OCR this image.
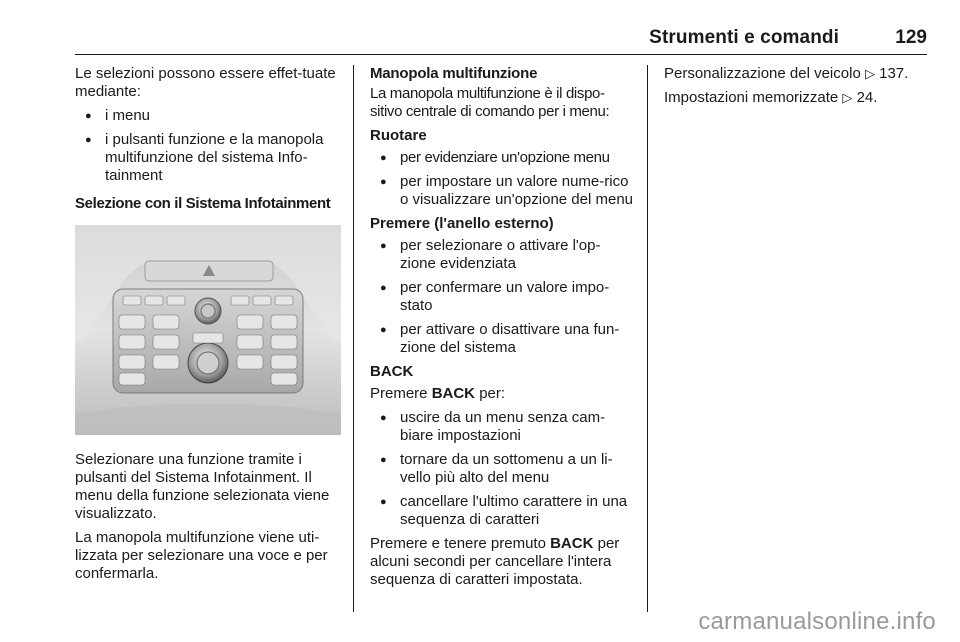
Strumenti e comandi	129

Le selezioni possono essere effet-tuate mediante:

● i menu
● i pulsanti funzione e la manopola multifunzione del sistema Info-tainment

Selezione con il Sistema Infotainment

Selezionare una funzione tramite i pulsanti del Sistema Infotainment. Il menu della funzione selezionata viene visualizzato.

La manopola multifunzione viene uti-lizzata per selezionare una voce e per confermarla.

Manopola multifunzione

La manopola multifunzione è il dispo-sitivo centrale di comando per i menu:

Ruotare

● per evidenziare un'opzione menu
● per impostare un valore nume-rico o visualizzare un'opzione del menu

Premere (l'anello esterno)

● per selezionare o attivare l'op-zione evidenziata
● per confermare un valore impo-stato
● per attivare o disattivare una fun-zione del sistema

BACK

Premere BACK per:

● uscire da un menu senza cam-biare impostazioni
● tornare da un sottomenu a un li-vello più alto del menu
● cancellare l'ultimo carattere in una sequenza di caratteri

Premere e tenere premuto BACK per alcuni secondi per cancellare l'intera sequenza di caratteri impostata.

Personalizzazione del veicolo ▷ 137.

Impostazioni memorizzate ▷ 24.

carmanualsonline.info
